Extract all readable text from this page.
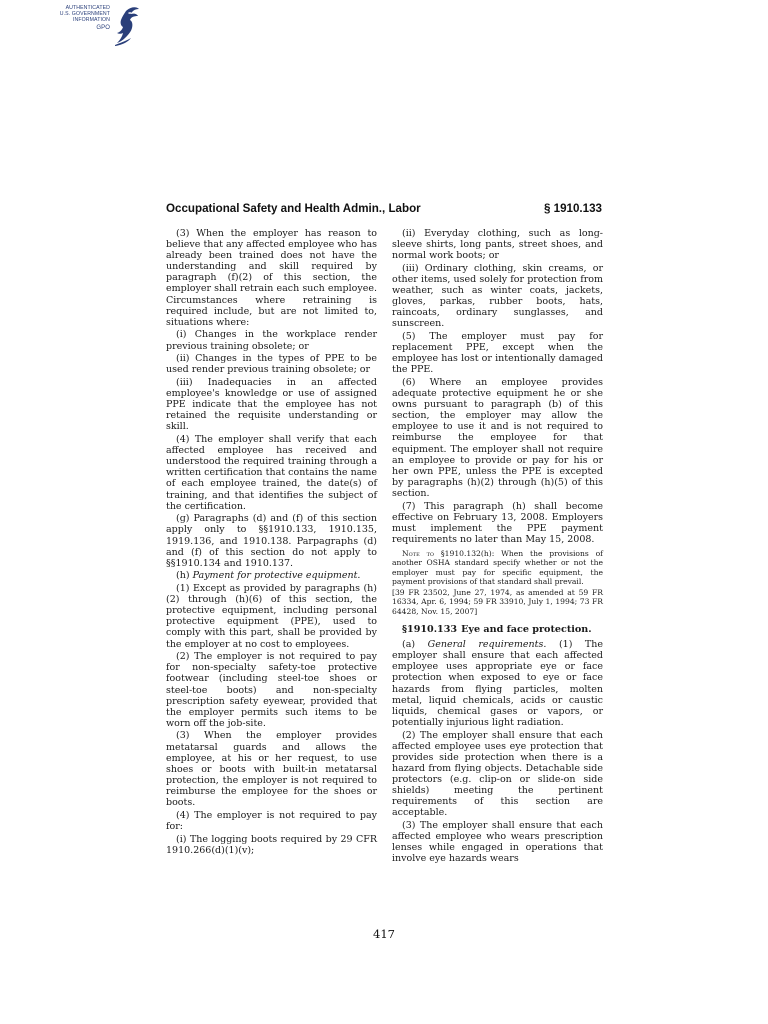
AUTHENTICATED
U.S. GOVERNMENT
INFORMATION
GPO
Occupational Safety and Health Admin., Labor	§ 1910.133

(3) When the employer has reason to believe that any affected employee who has already been trained does not have the understanding and skill required by paragraph (f)(2) of this section, the employer shall retrain each such employee. Circumstances where retraining is required include, but are not limited to, situations where:

(i) Changes in the workplace render previous training obsolete; or

(ii) Changes in the types of PPE to be used render previous training obsolete; or

(iii) Inadequacies in an affected employee's knowledge or use of assigned PPE indicate that the employee has not retained the requisite understanding or skill.

(4) The employer shall verify that each affected employee has received and understood the required training through a written certification that contains the name of each employee trained, the date(s) of training, and that identifies the subject of the certification.

(g) Paragraphs (d) and (f) of this section apply only to §§1910.133, 1910.135, 1919.136, and 1910.138. Parpagraphs (d) and (f) of this section do not apply to §§1910.134 and 1910.137.

(h) Payment for protective equipment.

(1) Except as provided by paragraphs (h)(2) through (h)(6) of this section, the protective equipment, including personal protective equipment (PPE), used to comply with this part, shall be provided by the employer at no cost to employees.

(2) The employer is not required to pay for non-specialty safety-toe protective footwear (including steel-toe shoes or steel-toe boots) and non-specialty prescription safety eyewear, provided that the employer permits such items to be worn off the job-site.

(3) When the employer provides metatarsal guards and allows the employee, at his or her request, to use shoes or boots with built-in metatarsal protection, the employer is not required to reimburse the employee for the shoes or boots.

(4) The employer is not required to pay for:

(i) The logging boots required by 29 CFR 1910.266(d)(1)(v);

(ii) Everyday clothing, such as long-sleeve shirts, long pants, street shoes, and normal work boots; or

(iii) Ordinary clothing, skin creams, or other items, used solely for protection from weather, such as winter coats, jackets, gloves, parkas, rubber boots, hats, raincoats, ordinary sunglasses, and sunscreen.

(5) The employer must pay for replacement PPE, except when the employee has lost or intentionally damaged the PPE.

(6) Where an employee provides adequate protective equipment he or she owns pursuant to paragraph (b) of this section, the employer may allow the employee to use it and is not required to reimburse the employee for that equipment. The employer shall not require an employee to provide or pay for his or her own PPE, unless the PPE is excepted by paragraphs (h)(2) through (h)(5) of this section.

(7) This paragraph (h) shall become effective on February 13, 2008. Employers must implement the PPE payment requirements no later than May 15, 2008.

Note to §1910.132(h): When the provisions of another OSHA standard specify whether or not the employer must pay for specific equipment, the payment provisions of that standard shall prevail.

[39 FR 23502, June 27, 1974, as amended at 59 FR 16334, Apr. 6, 1994; 59 FR 33910, July 1, 1994; 73 FR 64428, Nov. 15, 2007]

§1910.133 Eye and face protection.

(a) General requirements. (1) The employer shall ensure that each affected employee uses appropriate eye or face protection when exposed to eye or face hazards from flying particles, molten metal, liquid chemicals, acids or caustic liquids, chemical gases or vapors, or potentially injurious light radiation.

(2) The employer shall ensure that each affected employee uses eye protection that provides side protection when there is a hazard from flying objects. Detachable side protectors (e.g. clip-on or slide-on side shields) meeting the pertinent requirements of this section are acceptable.

(3) The employer shall ensure that each affected employee who wears prescription lenses while engaged in operations that involve eye hazards wears

417
